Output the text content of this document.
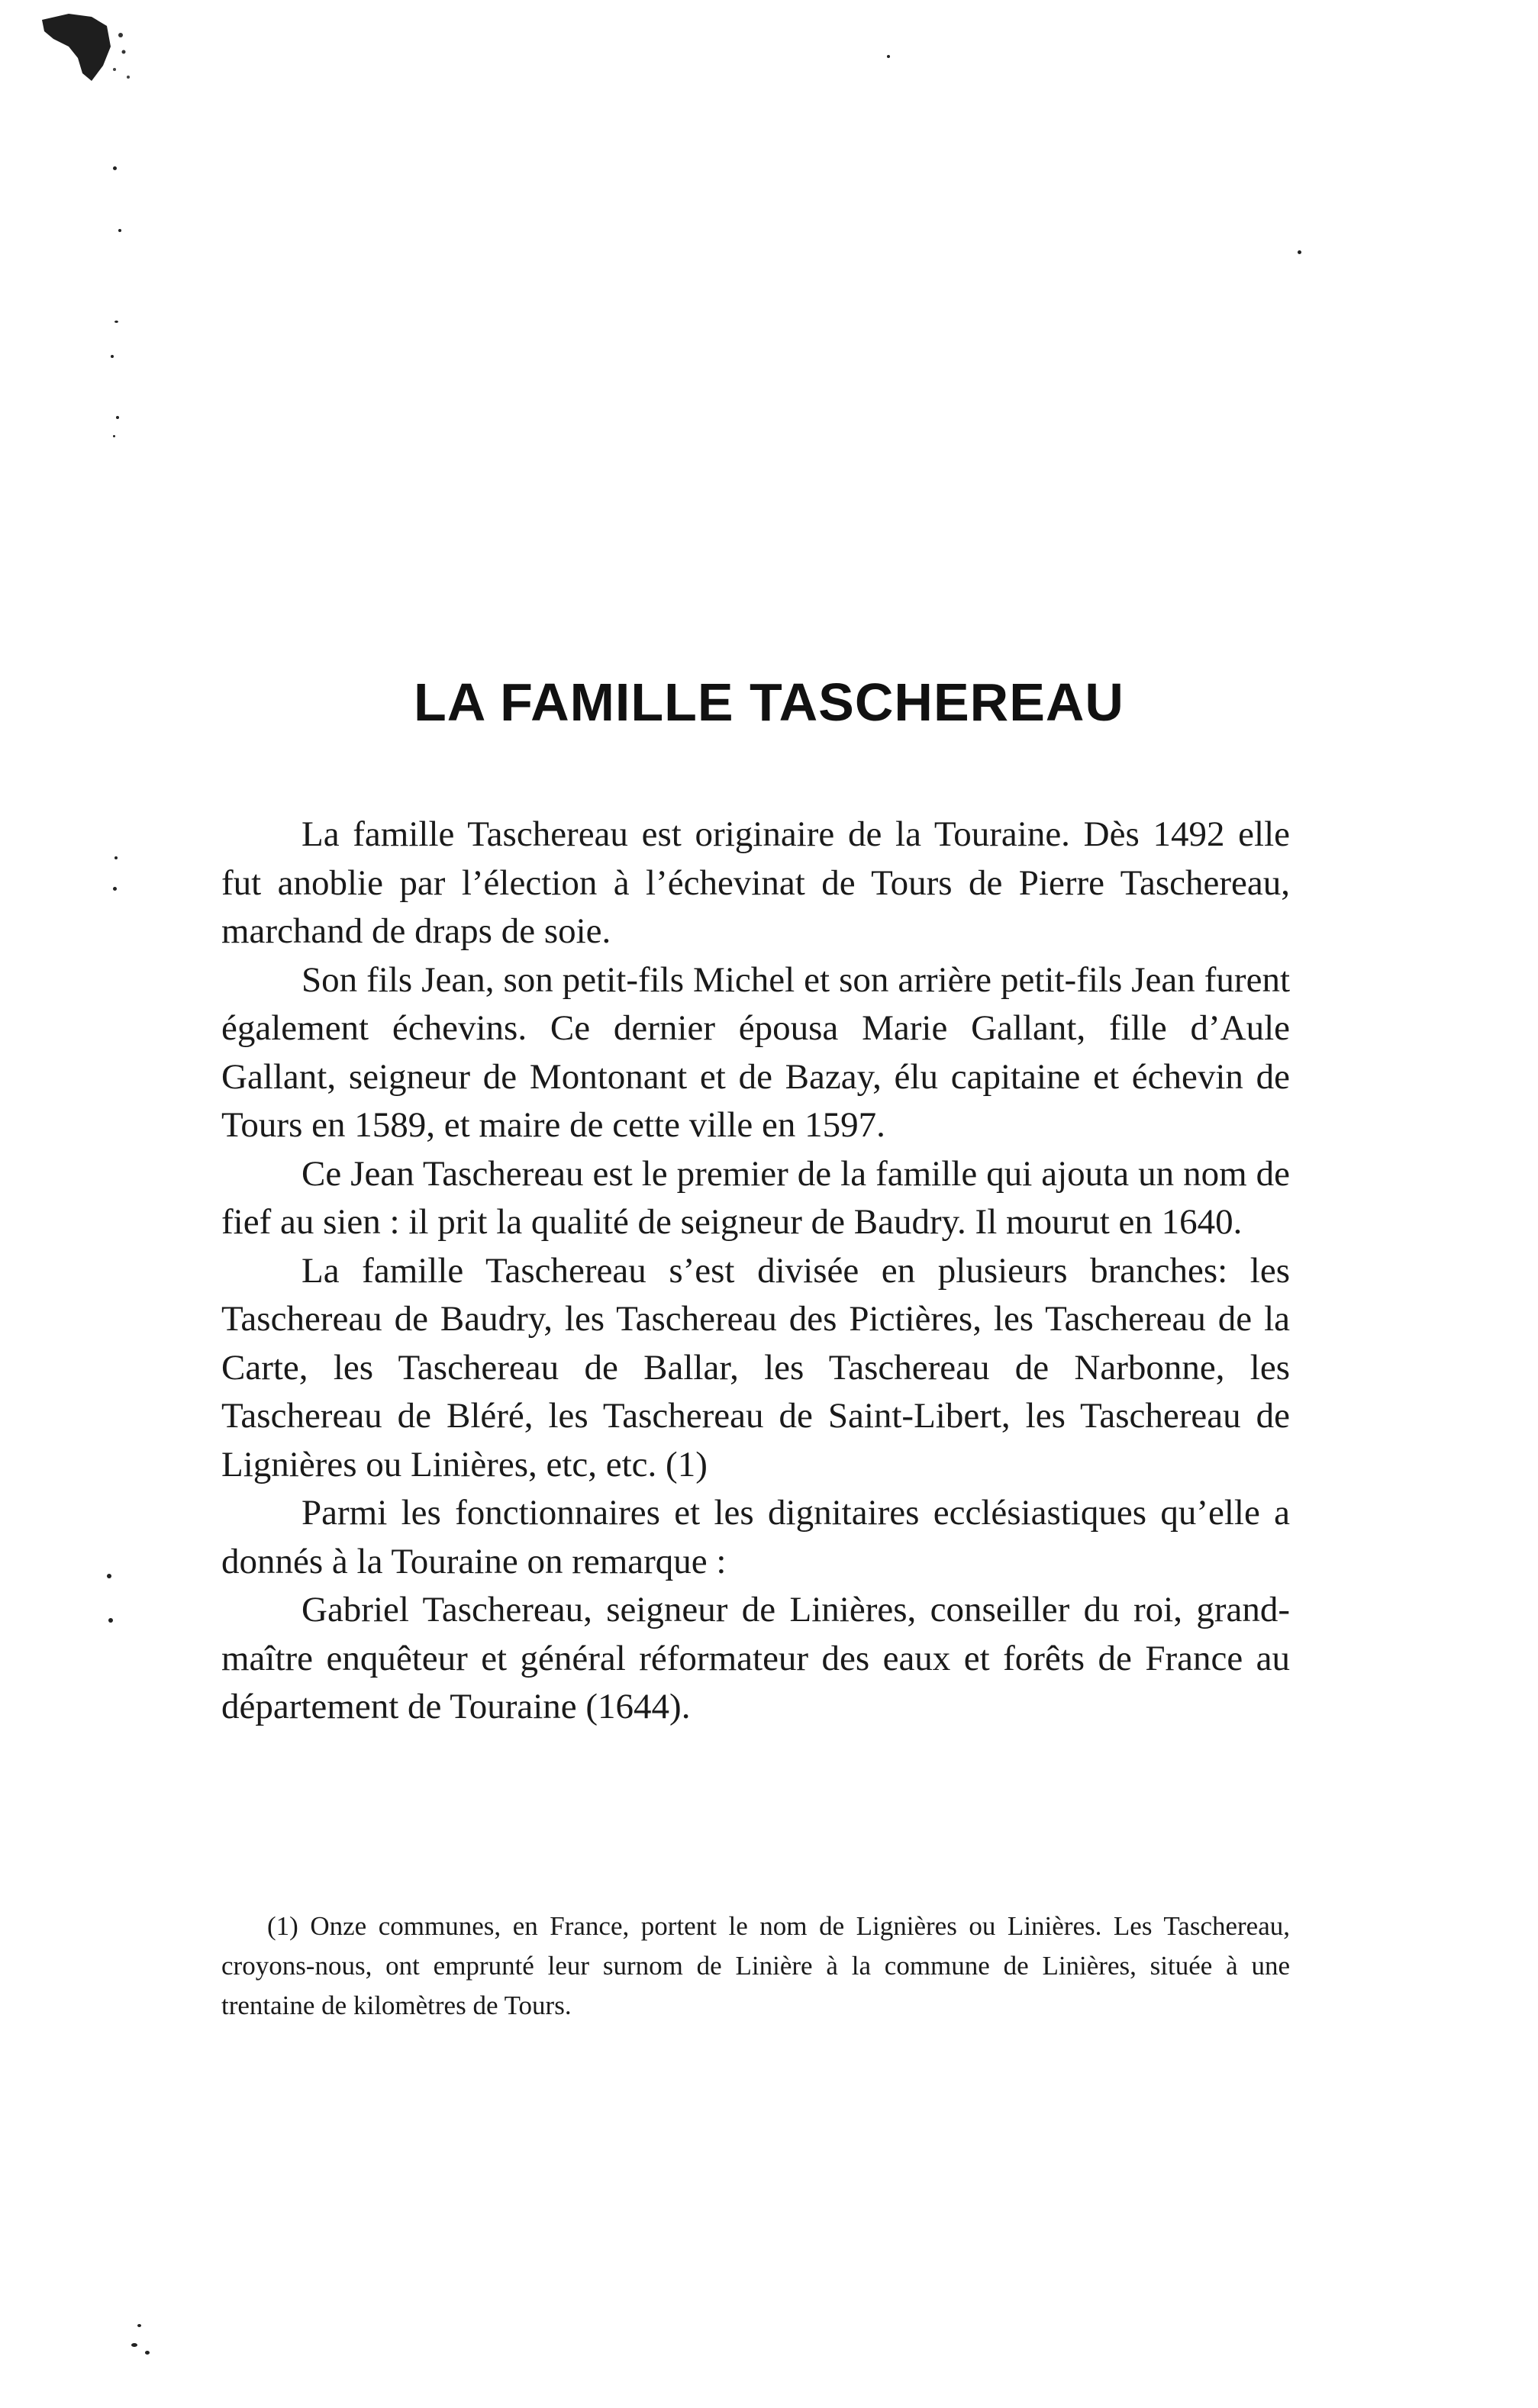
LA FAMILLE TASCHEREAU

La famille Taschereau est originaire de la Touraine. Dès 1492 elle fut anoblie par l’élection à l’échevinat de Tours de Pierre Taschereau, marchand de draps de soie.

Son fils Jean, son petit-fils Michel et son arrière petit-fils Jean furent également échevins. Ce dernier épousa Marie Gallant, fille d’Aule Gallant, seigneur de Montonant et de Bazay, élu capitaine et échevin de Tours en 1589, et maire de cette ville en 1597.

Ce Jean Taschereau est le premier de la famille qui ajouta un nom de fief au sien : il prit la qualité de seigneur de Baudry. Il mourut en 1640.

La famille Taschereau s’est divisée en plusieurs branches: les Taschereau de Baudry, les Taschereau des Pictières, les Taschereau de la Carte, les Taschereau de Ballar, les Taschereau de Narbonne, les Taschereau de Bléré, les Taschereau de Saint-Libert, les Taschereau de Lignières ou Linières, etc, etc. (1)

Parmi les fonctionnaires et les dignitaires ecclésiastiques qu’elle a donnés à la Touraine on remarque :

Gabriel Taschereau, seigneur de Linières, conseiller du roi, grand-maître enquêteur et général réformateur des eaux et forêts de France au département de Touraine (1644).

(1) Onze communes, en France, portent le nom de Lignières ou Linières. Les Taschereau, croyons-nous, ont emprunté leur surnom de Linière à la commune de Linières, située à une trentaine de kilomètres de Tours.
